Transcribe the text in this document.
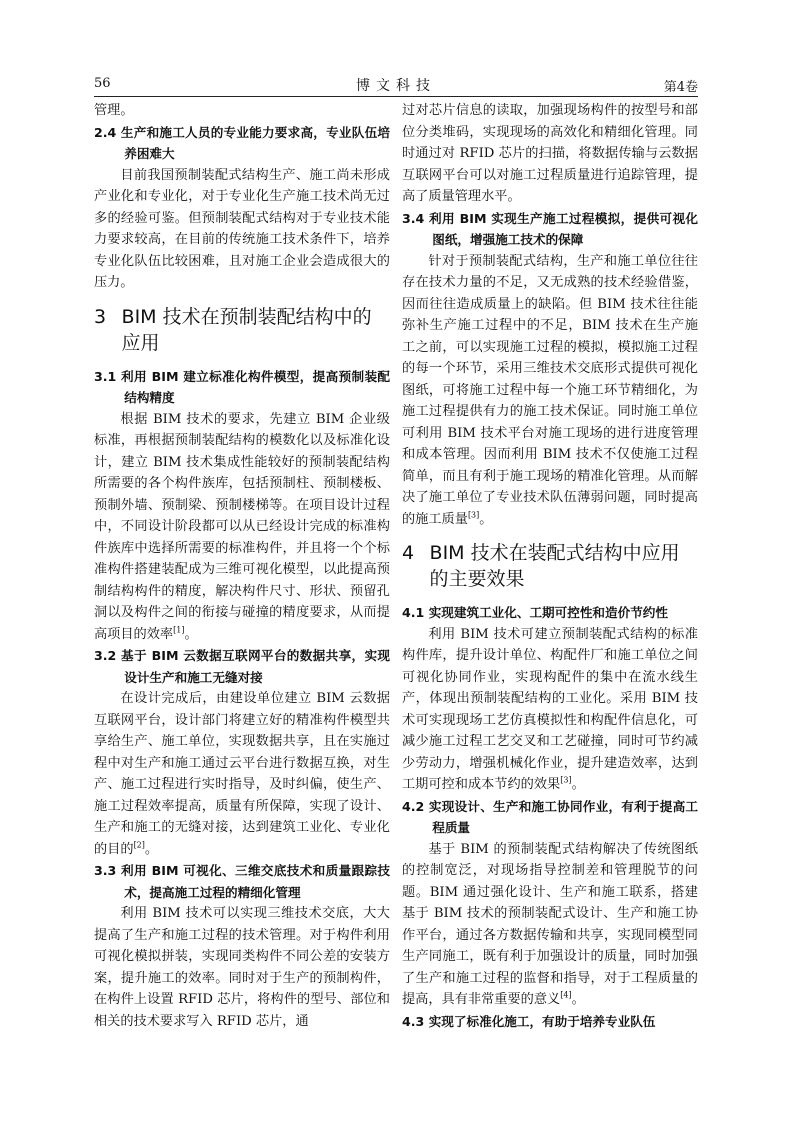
56	博文科技	第4卷

管理。

2.4 生产和施工人员的专业能力要求高，专业队伍培养困难大

目前我国预制装配式结构生产、施工尚未形成产业化和专业化，对于专业化生产施工技术尚无过多的经验可鉴。但预制装配式结构对于专业技术能力要求较高，在目前的传统施工技术条件下，培养专业化队伍比较困难，且对施工企业会造成很大的压力。

3 BIM 技术在预制装配结构中的应用
3.1 利用 BIM 建立标准化构件模型，提高预制装配结构精度

根据 BIM 技术的要求，先建立 BIM 企业级标准，再根据预制装配结构的模数化以及标准化设计，建立 BIM 技术集成性能较好的预制装配结构所需要的各个构件族库，包括预制柱、预制楼板、预制外墙、预制梁、预制楼梯等。在项目设计过程中，不同设计阶段都可以从已经设计完成的标准构件族库中选择所需要的标准构件，并且将一个个标准构件搭建装配成为三维可视化模型，以此提高预制结构构件的精度，解决构件尺寸、形状、预留孔洞以及构件之间的衔接与碰撞的精度要求，从而提高项目的效率[1]。

3.2 基于 BIM 云数据互联网平台的数据共享，实现设计生产和施工无缝对接

在设计完成后，由建设单位建立 BIM 云数据互联网平台，设计部门将建立好的精准构件模型共享给生产、施工单位，实现数据共享，且在实施过程中对生产和施工通过云平台进行数据互换，对生产、施工过程进行实时指导，及时纠偏，使生产、施工过程效率提高，质量有所保障，实现了设计、生产和施工的无缝对接，达到建筑工业化、专业化的目的[2]。

3.3 利用 BIM 可视化、三维交底技术和质量跟踪技术，提高施工过程的精细化管理

利用 BIM 技术可以实现三维技术交底，大大提高了生产和施工过程的技术管理。对于构件利用可视化模拟拼装，实现同类构件不同公差的安装方案，提升施工的效率。同时对于生产的预制构件，在构件上设置 RFID 芯片，将构件的型号、部位和相关的技术要求写入 RFID 芯片，通

过对芯片信息的读取，加强现场构件的按型号和部位分类堆码，实现现场的高效化和精细化管理。同时通过对 RFID 芯片的扫描，将数据传输与云数据互联网平台可以对施工过程质量进行追踪管理，提高了质量管理水平。

3.4 利用 BIM 实现生产施工过程模拟，提供可视化图纸，增强施工技术的保障

针对于预制装配式结构，生产和施工单位往往存在技术力量的不足，又无成熟的技术经验借鉴，因而往往造成质量上的缺陷。但 BIM 技术往往能弥补生产施工过程中的不足，BIM 技术在生产施工之前，可以实现施工过程的模拟，模拟施工过程的每一个环节，采用三维技术交底形式提供可视化图纸，可将施工过程中每一个施工环节精细化，为施工过程提供有力的施工技术保证。同时施工单位可利用 BIM 技术平台对施工现场的进行进度管理和成本管理。因而利用 BIM 技术不仅使施工过程简单，而且有利于施工现场的精准化管理。从而解决了施工单位了专业技术队伍薄弱问题，同时提高的施工质量[3]。

4 BIM 技术在装配式结构中应用的主要效果
4.1 实现建筑工业化、工期可控性和造价节约性

利用 BIM 技术可建立预制装配式结构的标准构件库，提升设计单位、构配件厂和施工单位之间可视化协同作业，实现构配件的集中在流水线生产，体现出预制装配结构的工业化。采用 BIM 技术可实现现场工艺仿真模拟性和构配件信息化，可减少施工过程工艺交叉和工艺碰撞，同时可节约减少劳动力，增强机械化作业，提升建造效率，达到工期可控和成本节约的效果[3]。

4.2 实现设计、生产和施工协同作业，有利于提高工程质量

基于 BIM 的预制装配式结构解决了传统图纸的控制宽泛，对现场指导控制差和管理脱节的问题。BIM 通过强化设计、生产和施工联系，搭建基于 BIM 技术的预制装配式设计、生产和施工协作平台，通过各方数据传输和共享，实现同模型同生产同施工，既有利于加强设计的质量，同时加强了生产和施工过程的监督和指导，对于工程质量的提高，具有非常重要的意义[4]。

4.3 实现了标准化施工，有助于培养专业队伍
